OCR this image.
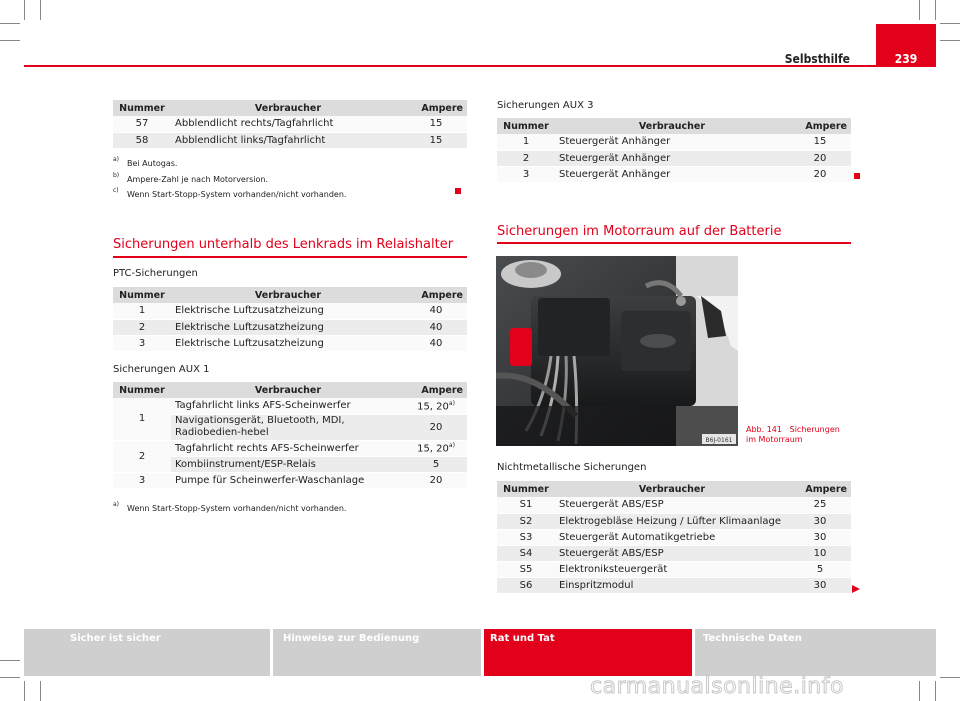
Selbsthilfe	239
Nummer	Verbraucher	Ampere
57	Abblendlicht rechts/Tagfahrlicht	15
58	Abblendlicht links/Tagfahrlicht	15
a) Bei Autogas.
b) Ampere-Zahl je nach Motorversion.
c) Wenn Start-Stopp-System vorhanden/nicht vorhanden.
Sicherungen unterhalb des Lenkrads im Relaishalter
PTC-Sicherungen
Nummer	Verbraucher	Ampere
1	Elektrische Luftzusatzheizung	40
2	Elektrische Luftzusatzheizung	40
3	Elektrische Luftzusatzheizung	40
Sicherungen AUX 1
Nummer	Verbraucher	Ampere
1	Tagfahrlicht links AFS-Scheinwerfer	15, 20$^{a)}$
	Navigationsgerät, Bluetooth, MDI, Radiobedien-hebel	20
2	Tagfahrlicht rechts AFS-Scheinwerfer	15, 20$^{a)}$
	Kombiinstrument/ESP-Relais	5
3	Pumpe für Scheinwerfer-Waschanlage	20
a) Wenn Start-Stopp-System vorhanden/nicht vorhanden.
Sicherungen AUX 3
Nummer	Verbraucher	Ampere
1	Steuergerät Anhänger	15
2	Steuergerät Anhänger	20
3	Steuergerät Anhänger	20
Sicherungen im Motorraum auf der Batterie
B6J-0161
Abb. 141 Sicherungen
im Motorraum
Nichtmetallische Sicherungen
Nummer	Verbraucher	Ampere
S1	Steuergerät ABS/ESP	25
S2	Elektrogebläse Heizung / Lüfter Klimaanlage	30
S3	Steuergerät Automatikgetriebe	30
S4	Steuergerät ABS/ESP	10
S5	Elektroniksteuergerät	5
S6	Einspritzmodul	30
Sicher ist sicher	Hinweise zur Bedienung	Rat und Tat	Technische Daten
carmanualsonline.info
